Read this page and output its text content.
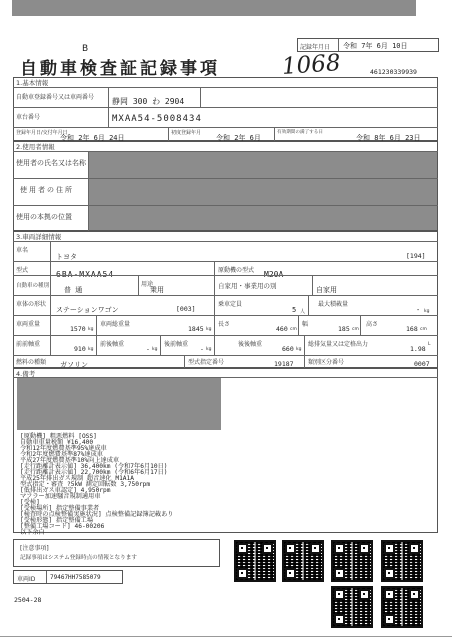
B
自動車検査証記録事項	1068
記録年月日 令和 7年 6月 10日
461230339939
1.基本情報
自動車登録番号又は車両番号 静岡 300 わ 2904
車台番号	MXAA54-5008434
登録年月日/交付年月日
令和 2年 6月 24日
初度登録年月
令和 2年 6月
有効期間の満了する日
令和 8年 6月 23日
2.使用者情報
使用者の氏名又は名称
使用者の住所
使用の本拠の位置
3.車両詳細情報
車名
トヨタ	[194]
型式	6BA-MXAA54	原動機の型式 M20A
自動車の種別 普 通
用途
乗用	自家用・事業用の別	自家用
車体の形状
ステーションワゴン	[003]
乗車定員
5 人
最大積載量
- kg
車両重量
1570 kg
車両総重量
1845 kg
長さ
460 cm
幅
185 cm
高さ
168 cm
前前軸重
910 kg
前後軸重
- kg
後前軸重
- kg
後後軸重
660 kg
総排気量又は定格出力
1.98
L
燃料の種類 ガソリン	型式指定番号	19187 類別区分番号	0007
4.備考
[原動機] 粗悪燃料 [OSS]
自動車重量税額 ¥16,400
令和12年度燃費基準95%達成車
令和2年度燃費基準87%達成車
平成27年度燃費基準10%向上達成車
[走行距離計表示値] 36,400km (令和7年6月10日)
[走行距離計表示値] 22,700km (令和6年6月17日)
平成25年排出ガス規制 超音速化 M1A1A
型式指定・審査 ?5kW 測定回転数 3,750rpm
[低排出ガス車認定] 4,950rpm
マフラー加速騒音規制適用車
[受検]
[受検場所] 指定整備事業者
[検査時の点検整備実施状況] 点検整備記録簿記載あり
[受検形態] 指定整備工場
[整備工場コード] 46-00206
以下余白
[注意事項]
記録事項はシステム登録時点の情報となります
車両ID 79467HH7585079
2504-28
